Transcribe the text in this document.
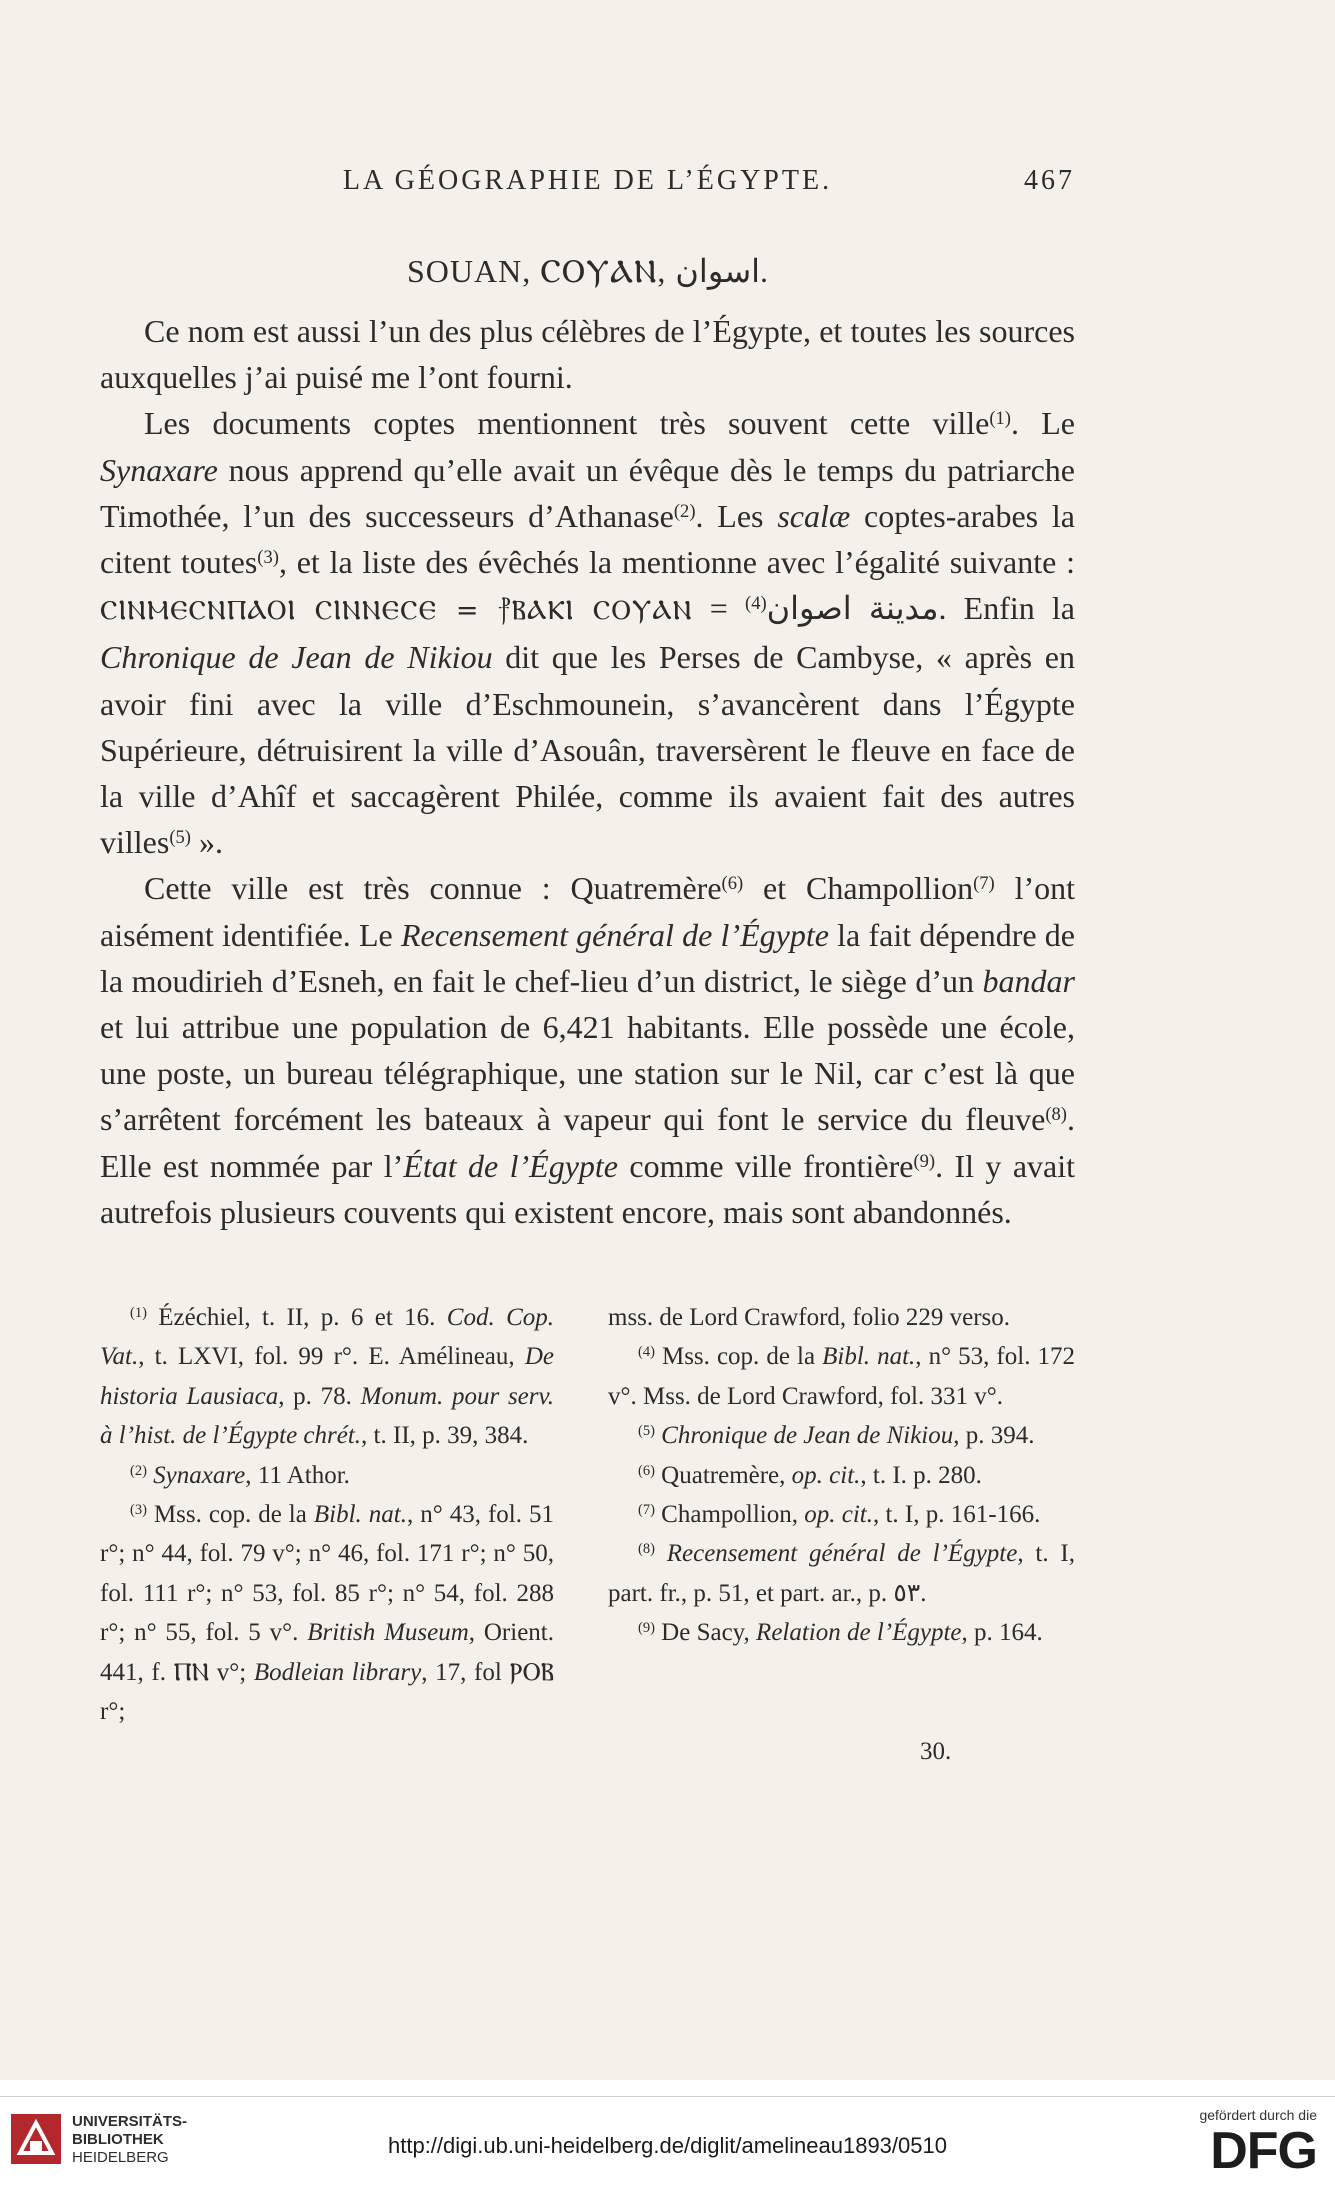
LA GÉOGRAPHIE DE L’ÉGYPTE.	467
SOUAN, ⲤⲞⲨⲀⲚ, اسوان.

Ce nom est aussi l’un des plus célèbres de l’Égypte, et toutes les sources auxquelles j’ai puisé me l’ont fourni.

Les documents coptes mentionnent très souvent cette ville$^{(1)}$. Le Synaxare nous apprend qu’elle avait un évêque dès le temps du patriarche Timothée, l’un des successeurs d’Athanase$^{(2)}$. Les scalæ coptes-arabes la citent toutes$^{(3)}$, et la liste des évêchés la mentionne avec l’égalité suivante : ⲤⲒⲚⲘⲈⲤⲚⲠⲀⲞⲒ ⲤⲒⲚⲚⲈⲤⲈ = ⳨ⲂⲀⲔⲒ ⲤⲞⲨⲀⲚ = مدينة اصوان$^{(4)}$	. Enfin la Chronique de Jean de Nikiou dit que les Perses de Cambyse, « après en avoir fini avec la ville d’Eschmounein, s’avancèrent dans l’Égypte Supérieure, détruisirent la ville d’Asouân, traversèrent le fleuve en face de la ville d’Ahîf et saccagèrent Philée, comme ils avaient fait des autres villes$^{(5)}$ ».

Cette ville est très connue : Quatremère$^{(6)}$ et Champollion$^{(7)}$ l’ont aisément identifiée. Le Recensement général de l’Égypte la fait dépendre de la moudirieh d’Esneh, en fait le chef-lieu d’un district, le siège d’un bandar et lui attribue une population de 6,421 habitants. Elle possède une école, une poste, un bureau télégraphique, une station sur le Nil, car c’est là que s’arrêtent forcément les bateaux à vapeur qui font le service du fleuve$^{(8)}$. Elle est nommée par l’État de l’Égypte comme ville frontière$^{(9)}$. Il y avait autrefois plusieurs couvents qui existent encore, mais sont abandonnés.

$^{(1)}$ Ézéchiel, t. II, p. 6 et 16. Cod. Cop. Vat., t. LXVI, fol. 99 r°. E. Amélineau, De historia Lausiaca, p. 78. Monum. pour serv. à l’hist. de l’Égypte chrét., t. II, p. 39, 384.

$^{(2)}$ Synaxare, 11 Athor.

$^{(3)}$ Mss. cop. de la Bibl. nat., n° 43, fol. 51 r°; n° 44, fol. 79 v°; n° 46, fol. 171 r°; n° 50, fol. 111 r°; n° 53, fol. 85 r°; n° 54, fol. 288 r°; n° 55, fol. 5 v°. British Museum, Orient. 441, f. ⲠⲚ v°; Bodleian library, 17, fol ⲢⲞⲂ r°;

mss. de Lord Crawford, folio 229 verso.

$^{(4)}$ Mss. cop. de la Bibl. nat., n° 53, fol. 172 v°. Mss. de Lord Crawford, fol. 331 v°.

$^{(5)}$ Chronique de Jean de Nikiou, p. 394.

$^{(6)}$ Quatremère, op. cit., t. I. p. 280.

$^{(7)}$ Champollion, op. cit., t. I, p. 161-166.

$^{(8)}$ Recensement général de l’Égypte, t. I, part. fr., p. 51, et part. ar., p. ٥٣.

$^{(9)}$ De Sacy, Relation de l’Égypte, p. 164.

30.
UNIVERSITÄTS-
BIBLIOTHEK
HEIDELBERG	http://digi.ub.uni-heidelberg.de/diglit/amelineau1893/0510
gefördert durch die
DFG
